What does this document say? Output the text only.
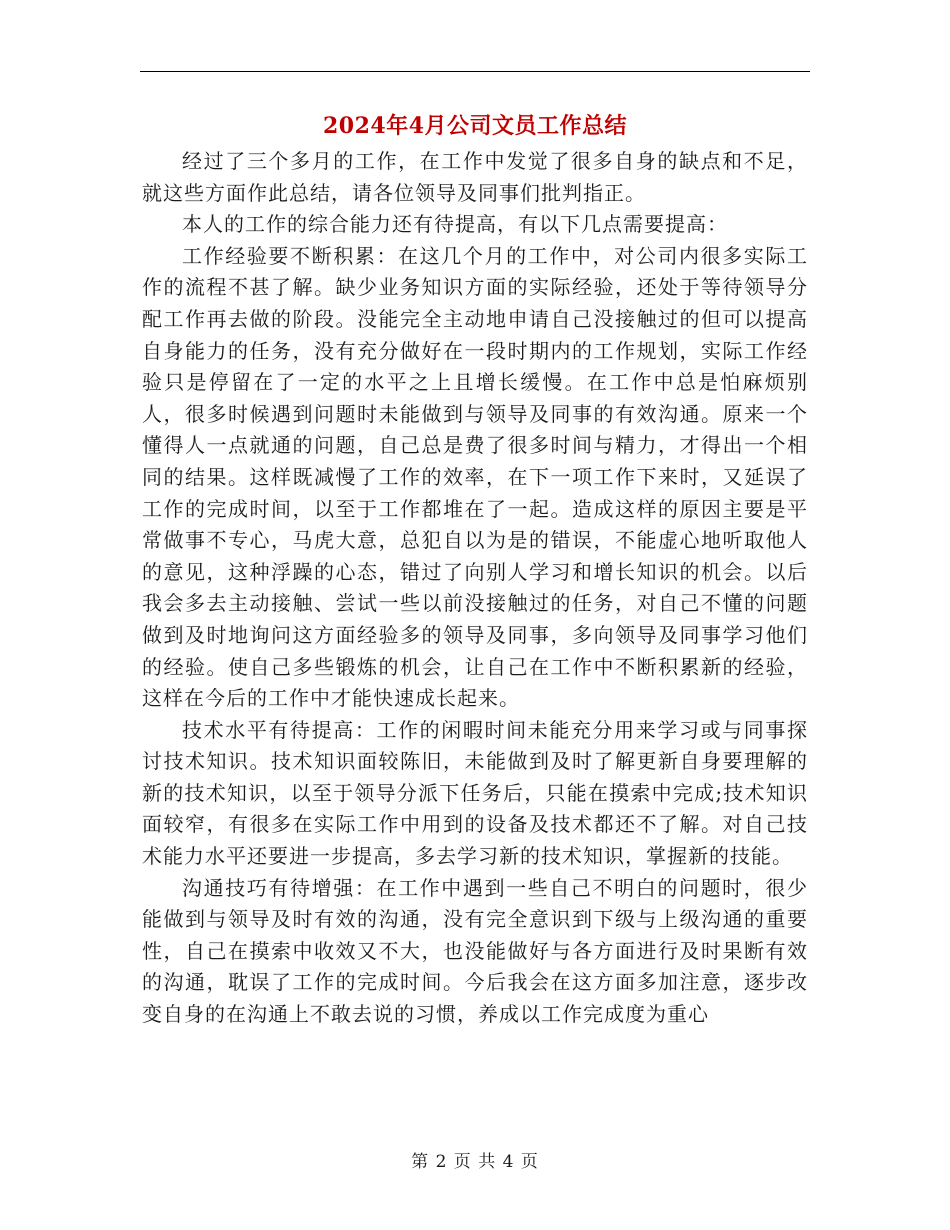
2024年4月公司文员工作总结

经过了三个多月的工作，在工作中发觉了很多自身的缺点和不足，就这些方面作此总结，请各位领导及同事们批判指正。

本人的工作的综合能力还有待提高，有以下几点需要提高：

工作经验要不断积累：在这几个月的工作中，对公司内很多实际工作的流程不甚了解。缺少业务知识方面的实际经验，还处于等待领导分配工作再去做的阶段。没能完全主动地申请自己没接触过的但可以提高自身能力的任务，没有充分做好在一段时期内的工作规划，实际工作经验只是停留在了一定的水平之上且增长缓慢。在工作中总是怕麻烦别人，很多时候遇到问题时未能做到与领导及同事的有效沟通。原来一个懂得人一点就通的问题，自己总是费了很多时间与精力，才得出一个相同的结果。这样既减慢了工作的效率，在下一项工作下来时，又延误了工作的完成时间，以至于工作都堆在了一起。造成这样的原因主要是平常做事不专心，马虎大意，总犯自以为是的错误，不能虚心地听取他人的意见，这种浮躁的心态，错过了向别人学习和增长知识的机会。以后我会多去主动接触、尝试一些以前没接触过的任务，对自己不懂的问题做到及时地询问这方面经验多的领导及同事，多向领导及同事学习他们的经验。使自己多些锻炼的机会，让自己在工作中不断积累新的经验，这样在今后的工作中才能快速成长起来。

技术水平有待提高：工作的闲暇时间未能充分用来学习或与同事探讨技术知识。技术知识面较陈旧，未能做到及时了解更新自身要理解的新的技术知识，以至于领导分派下任务后，只能在摸索中完成;技术知识面较窄，有很多在实际工作中用到的设备及技术都还不了解。对自己技术能力水平还要进一步提高，多去学习新的技术知识，掌握新的技能。

沟通技巧有待增强：在工作中遇到一些自己不明白的问题时，很少能做到与领导及时有效的沟通，没有完全意识到下级与上级沟通的重要性，自己在摸索中收效又不大，也没能做好与各方面进行及时果断有效的沟通，耽误了工作的完成时间。今后我会在这方面多加注意，逐步改变自身的在沟通上不敢去说的习惯，养成以工作完成度为重心

第 2 页 共 4 页
